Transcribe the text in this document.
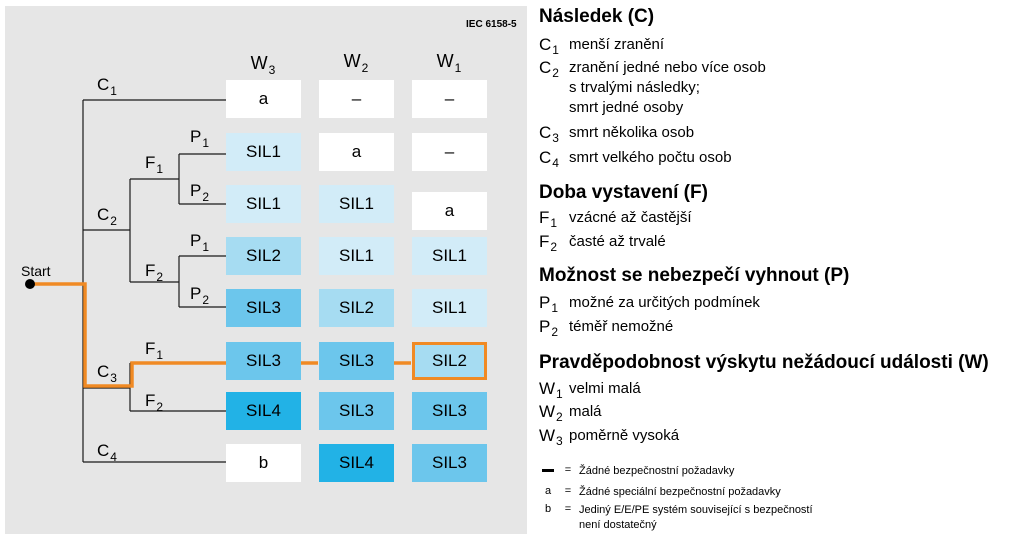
IEC 6158-5
Start
$W_3$	$W_2$	$W_1$
$C_1$
$C_2$
$C_3$
$C_4$
$F_1$
$F_2$
$F_1$
$F_2$
$P_1$
$P_2$
$P_1$
$P_2$
a	–	–
SIL1	a	–
SIL1	SIL1	a
SIL2	SIL1	SIL1
SIL3	SIL2	SIL1
SIL3	SIL3	SIL2
SIL4	SIL3	SIL3
b	SIL4	SIL3
Následek (C)
$C_1$ menší zranění
$C_2$ zranění jedné nebo více osob
s trvalými následky;
smrt jedné osoby
$C_3$ smrt několika osob
$C_4$ smrt velkého počtu osob
Doba vystavení (F)
$F_1$ vzácné až častější
$F_2$ časté až trvalé
Možnost se nebezpečí vyhnout (P)
$P_1$ možné za určitých podmínek
$P_2$ téměř nemožné
Pravděpodobnost výskytu nežádoucí události (W)
$W_1$ velmi malá
$W_2$ malá
$W_3$ poměrně vysoká
= Žádné bezpečnostní požadavky
a = Žádné speciální bezpečnostní požadavky
b = Jediný E/E/PE systém související s bezpečností
není dostatečný
